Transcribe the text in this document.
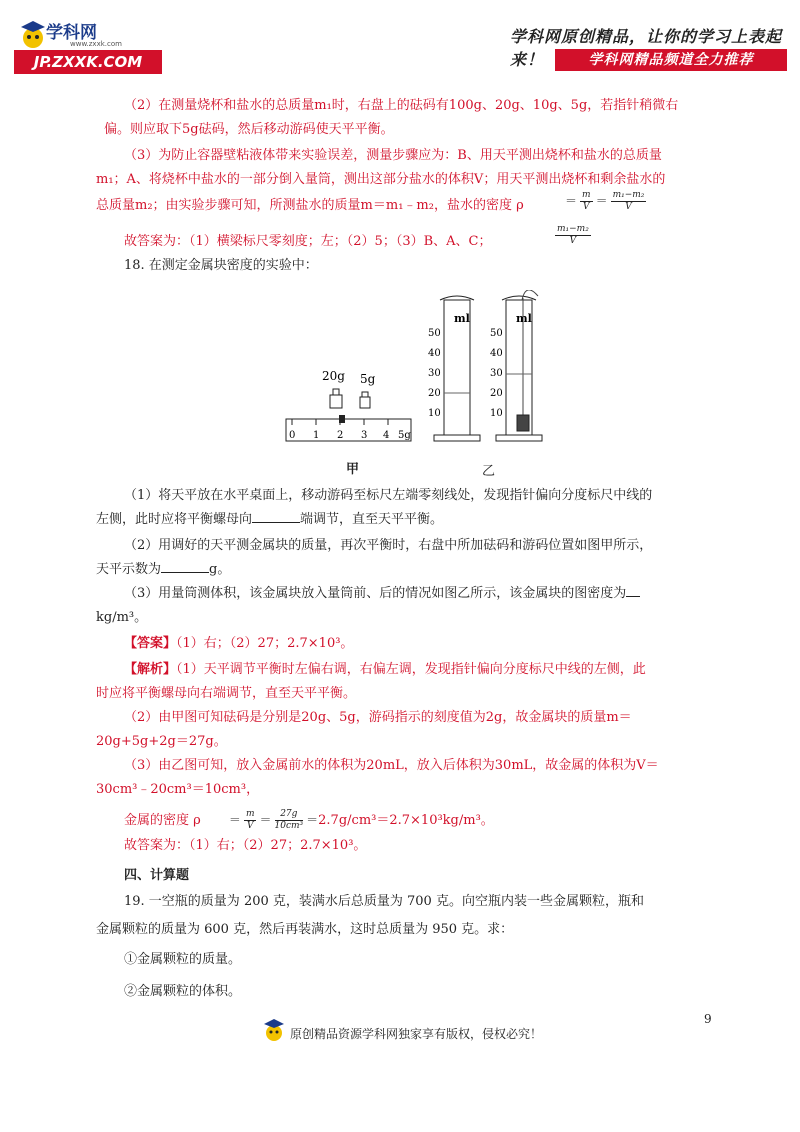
学科网
www.zxxk.com
JP.ZXXK.COM
学科网原创精品，让你的学习上表起来！	学科网精品频道全力推荐
（2）在测量烧杯和盐水的总质量m₁时，右盘上的砝码有100g、20g、10g、5g，若指针稍微右偏。则应取下5g砝码，然后移动游码使天平平衡。
（3）为防止容器壁粘液体带来实验误差，测量步骤应为：B、用天平测出烧杯和盐水的总质量
m₁；A、将烧杯中盐水的一部分倒入量筒，测出这部分盐水的体积V；用天平测出烧杯和剩余盐水的
总质量m₂；由实验步骤可知，所测盐水的质量m＝m₁﹣m₂，盐水的密度 ρ	＝ $\frac{m}{V} = \frac{\text{m₁−m₂}}{V}$
故答案为：（1）横梁标尺零刻度；左；（2）5；（3）B、A、C；	$\frac{\text{m₁−m₂}}{V}$
18. 在测定金属块密度的实验中：
20g 5g
0 1 2 3 4 5g
ml	ml
50
40
30
20
10
50
40
30
20
10
甲	乙
（1）将天平放在水平桌面上，移动游码至标尺左端零刻线处，发现指针偏向分度标尺中线的
左侧，此时应将平衡螺母向	端调节，直至天平平衡。
（2）用调好的天平测金属块的质量，再次平衡时，右盘中所加砝码和游码位置如图甲所示，
天平示数为	g。
（3）用量筒测体积，该金属块放入量筒前、后的情况如图乙所示，该金属块的图密度为
kg/m³。
【答案】（1）右；（2）27；2.7×10³。
【解析】（1）天平调节平衡时左偏右调，右偏左调，发现指针偏向分度标尺中线的左侧，此
时应将平衡螺母向右端调节，直至天平平衡。
（2）由甲图可知砝码是分别是20g、5g，游码指示的刻度值为2g，故金属块的质量m＝
20g+5g+2g＝27g。
（3）由乙图可知，放入金属前水的体积为20mL，放入后体积为30mL，故金属的体积为V＝
30cm³﹣20cm³＝10cm³，
金属的密度 $\rho = \frac{m}{V} = \frac{27g}{\text{10cm³}} =2.7g/cm^3=2.7\times 10^3kg/m^3$。
故答案为：（1）右；（2）27；2.7×10³。
四、计算题
19. 一空瓶的质量为 200 克，装满水后总质量为 700 克。向空瓶内装一些金属颗粒，瓶和
金属颗粒的质量为 600 克，然后再装满水，这时总质量为 950 克。求：
①金属颗粒的质量。
②金属颗粒的体积。
9
原创精品资源学科网独家享有版权，侵权必究！
